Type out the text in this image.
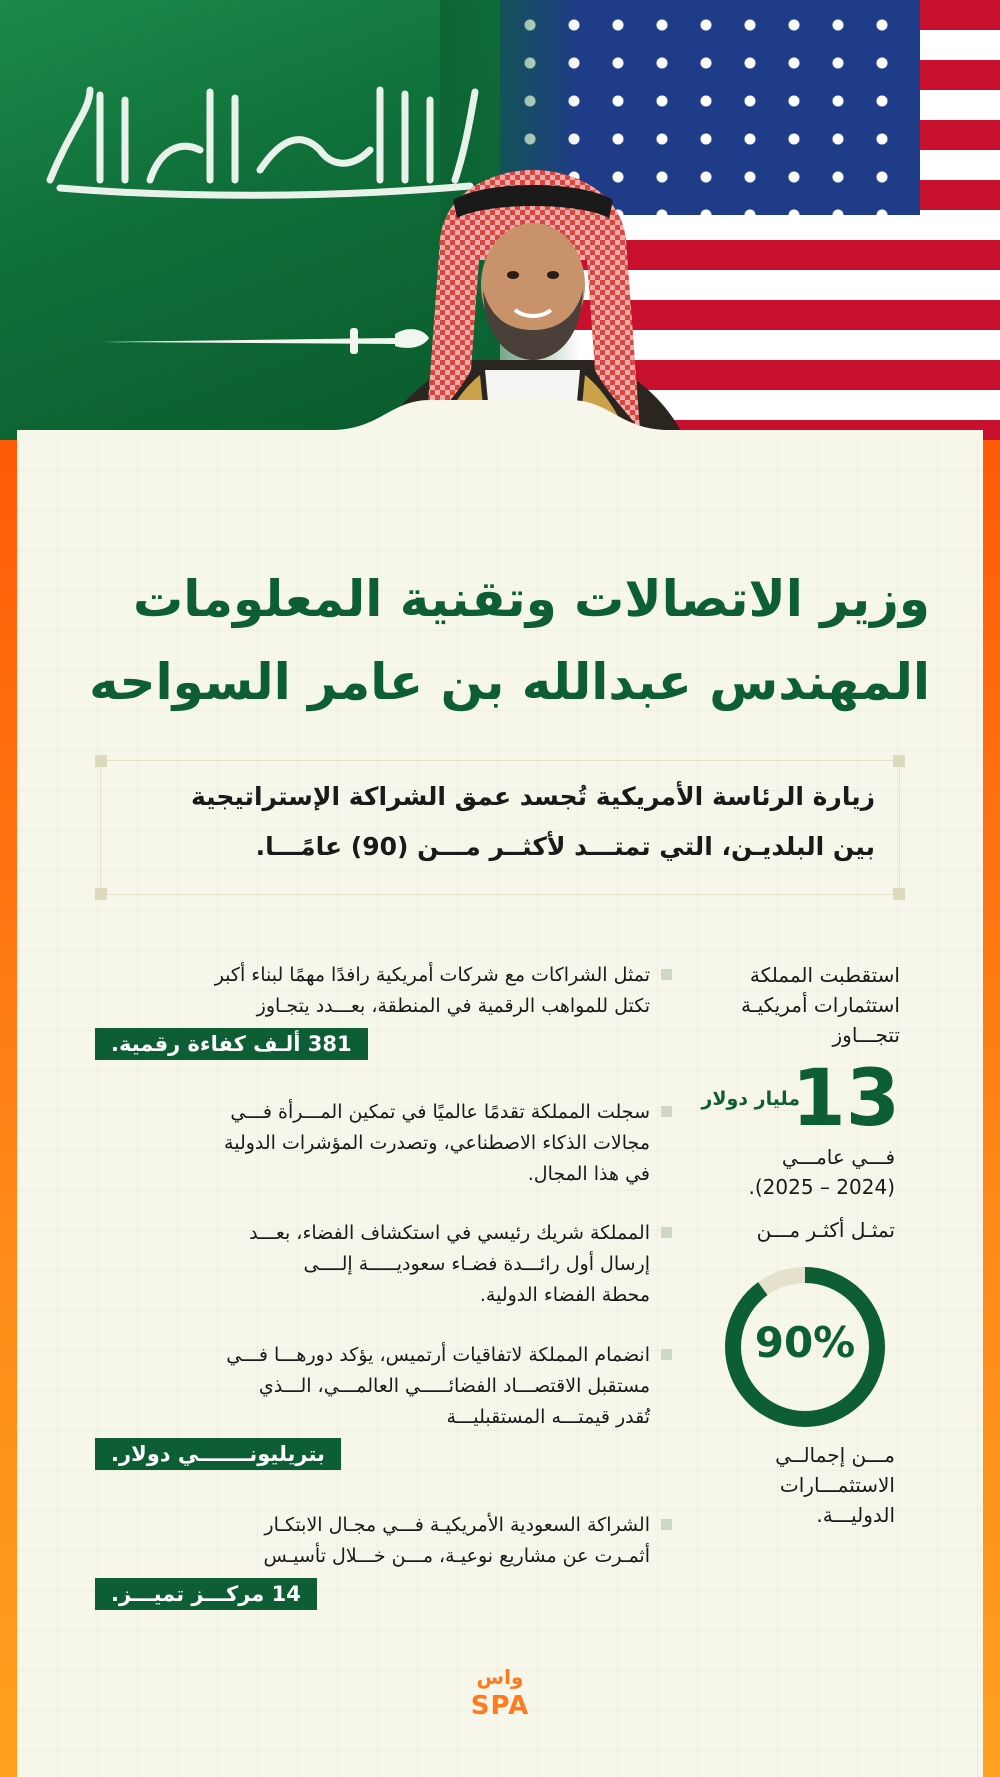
وزير الاتصالات وتقنية المعلومات
المهندس عبدالله بن عامر السواحه
زيارة الرئاسة الأمريكية تُجسد عمق الشراكة الإستراتيجية
بين البلديـن، التي تمتـــد لأكثــر مـــن (90) عامًـــا.
استقطبت المملكة
استثمارات أمريكيـة
تتجـــاوز
13
مليار دولار
فـــي عامـــي
(2024 – 2025).
تمثـل أكثـر مـــن
90%
مـــن إجمالــي
الاستثمـــارات
الدوليـــة.
تمثل الشراكات مع شركات أمريكية رافدًا مهمًا لبناء أكبر
تكتل للمواهب الرقمية في المنطقة، بعـــدد يتجـاوز
381 ألـف كفاءة رقمية.
سجلت المملكة تقدمًا عالميًا في تمكين المـــرأة فـــي
مجالات الذكاء الاصطناعي، وتصدرت المؤشرات الدولية
في هذا المجال.
المملكة شريك رئيسي في استكشاف الفضاء، بعـــد
إرسال أول رائـــدة فضـاء سعوديـــــة إلــــى
محطة الفضاء الدولية.
انضمام المملكة لاتفاقيات أرتميس، يؤكد دورهـــا فـــي
مستقبل الاقتصـــاد الفضائـــــي العالمـــي، الـــذي
تُقدر قيمتـــه المستقبليـــة
بتريليونـــــــي دولار.
الشراكة السعودية الأمريكيـة فـــي مجـال الابتكـار
أثمـرت عن مشاريع نوعيـة، مـــن خـــلال تأسيـس
14 مركـــز تميـــز.
واس
SPA
